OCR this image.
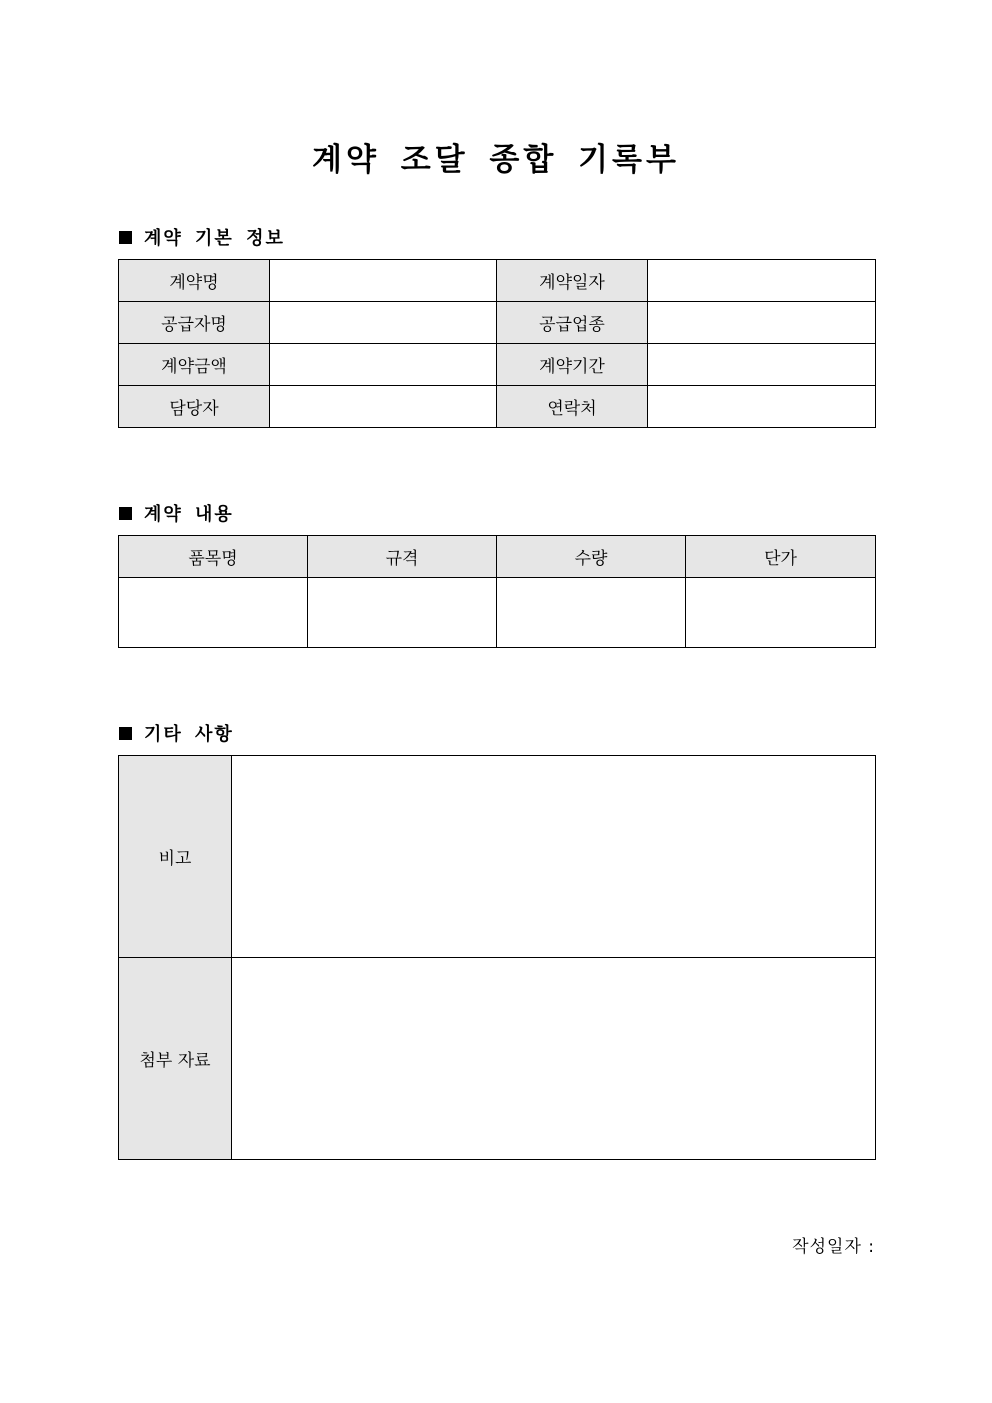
계약 조달 종합 기록부
계약 기본 정보
계약명		계약일자	
공급자명		공급업종	
계약금액		계약기간	
담당자		연락처	
계약 내용
품목명	규격	수량	단가

기타 사항
비고	
첨부 자료	

작성일자 :
